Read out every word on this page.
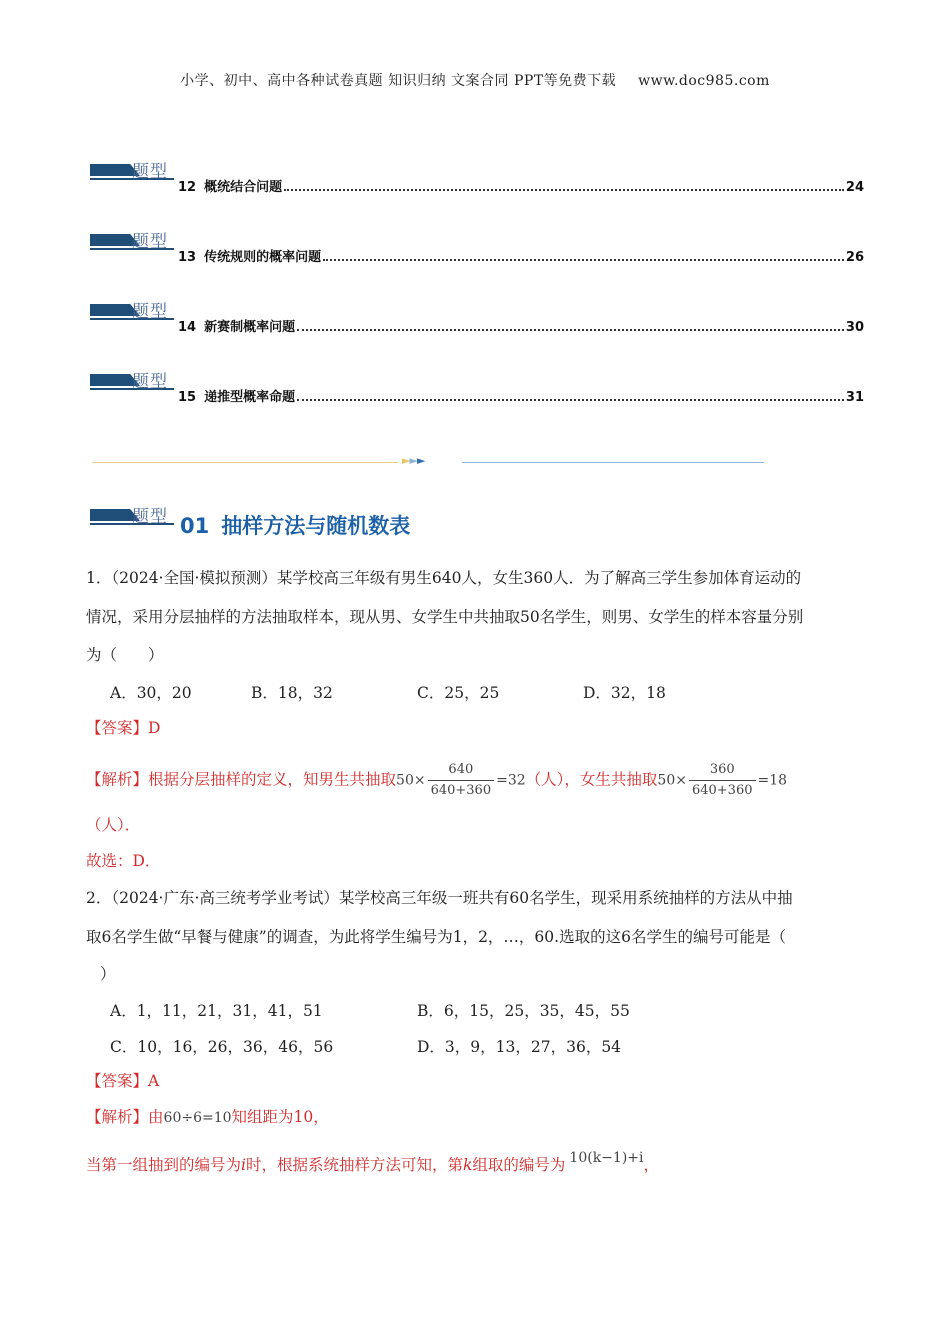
小学、初中、高中各种试卷真题 知识归纳 文案合同 PPT等免费下载 www.doc985.com
题型
12 概统结合问题	24
题型
13 传统规则的概率问题	26
题型
14 新赛制概率问题	30
题型
15 递推型概率命题	31
►►►
题型 01 抽样方法与随机数表
1．（2024·全国·模拟预测）某学校高三年级有男生640人，女生360人．为了解高三学生参加体育运动的
情况，采用分层抽样的方法抽取样本，现从男、女学生中共抽取50名学生，则男、女学生的样本容量分别
为（　　）
A．30，20	B．18，32	C．25，25	D．32，18
【答案】D
【解析】根据分层抽样的定义，知男生共抽取$50\times \frac{640}{640+360} =32$（人），女生共抽取$50\times \frac{360}{640+360} =18$
（人）．
故选：D．
2．（2024·广东·高三统考学业考试）某学校高三年级一班共有60名学生，现采用系统抽样的方法从中抽
取6名学生做“早餐与健康”的调查，为此将学生编号为1，2，…，60.选取的这6名学生的编号可能是（
）
A．1，11，21，31，41，51	B．6，15，25，35，45，55
C．10，16，26，36，46，56	D．3，9，13，27，36，54
【答案】A
【解析】由60÷6=10知组距为10，
当第一组抽到的编号为i时，根据系统抽样方法可知，第k组取的编号为 10(k−1)+i，
